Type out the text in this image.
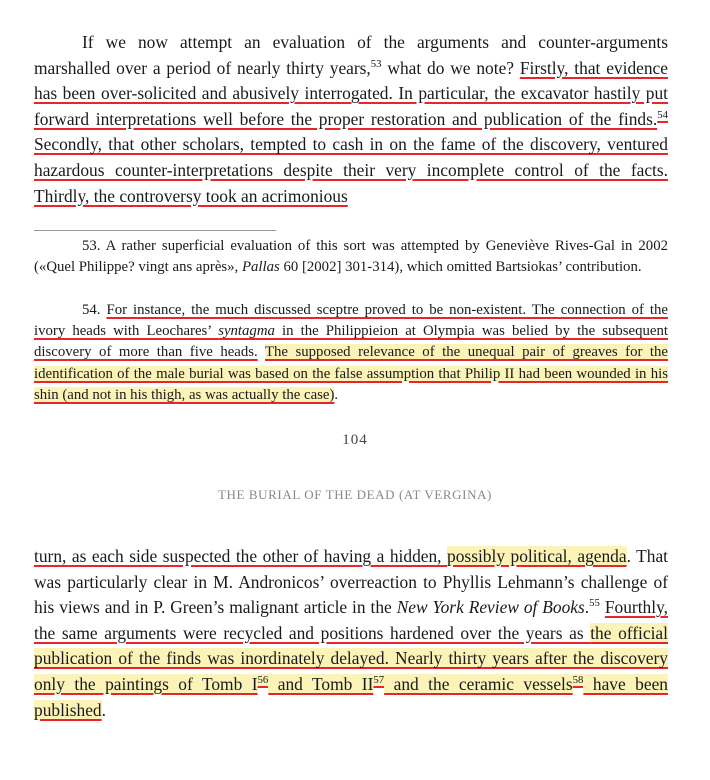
If we now attempt an evaluation of the arguments and counter-arguments marshalled over a period of nearly thirty years,$^{53}$ what do we note? Firstly, that evidence has been over-solicited and abusively interrogated. In particular, the excavator hastily put forward interpretations well before the proper restoration and publication of the finds.$^{54}$ Secondly, that other scholars, tempted to cash in on the fame of the discovery, ventured hazardous counter-interpretations despite their very incomplete control of the facts. Thirdly, the controversy took an acrimonious

53. A rather superficial evaluation of this sort was attempted by Geneviève Rives-Gal in 2002 («Quel Philippe? vingt ans après», Pallas 60 [2002] 301-314), which omitted Bartsiokas’ contribution.

54. For instance, the much discussed sceptre proved to be non-existent. The connection of the ivory heads with Leochares’ syntagma in the Philippieion at Olympia was belied by the subsequent discovery of more than five heads. The supposed relevance of the unequal pair of greaves for the identification of the male burial was based on the false assumption that Philip II had been wounded in his shin (and not in his thigh, as was actually the case).

104

THE BURIAL OF THE DEAD (AT VERGINA)

turn, as each side suspected the other of having a hidden, possibly political, agenda. That was particularly clear in M. Andronicos’ overreaction to Phyllis Lehmann’s challenge of his views and in P. Green’s malignant article in the New York Review of Books.$^{55}$ Fourthly, the same arguments were recycled and positions hardened over the years as the official publication of the finds was inordinately delayed. Nearly thirty years after the discovery only the paintings of Tomb $I^{56}$ and Tomb II$^{57}$ and the ceramic vessels$^{58}$ have been published.
